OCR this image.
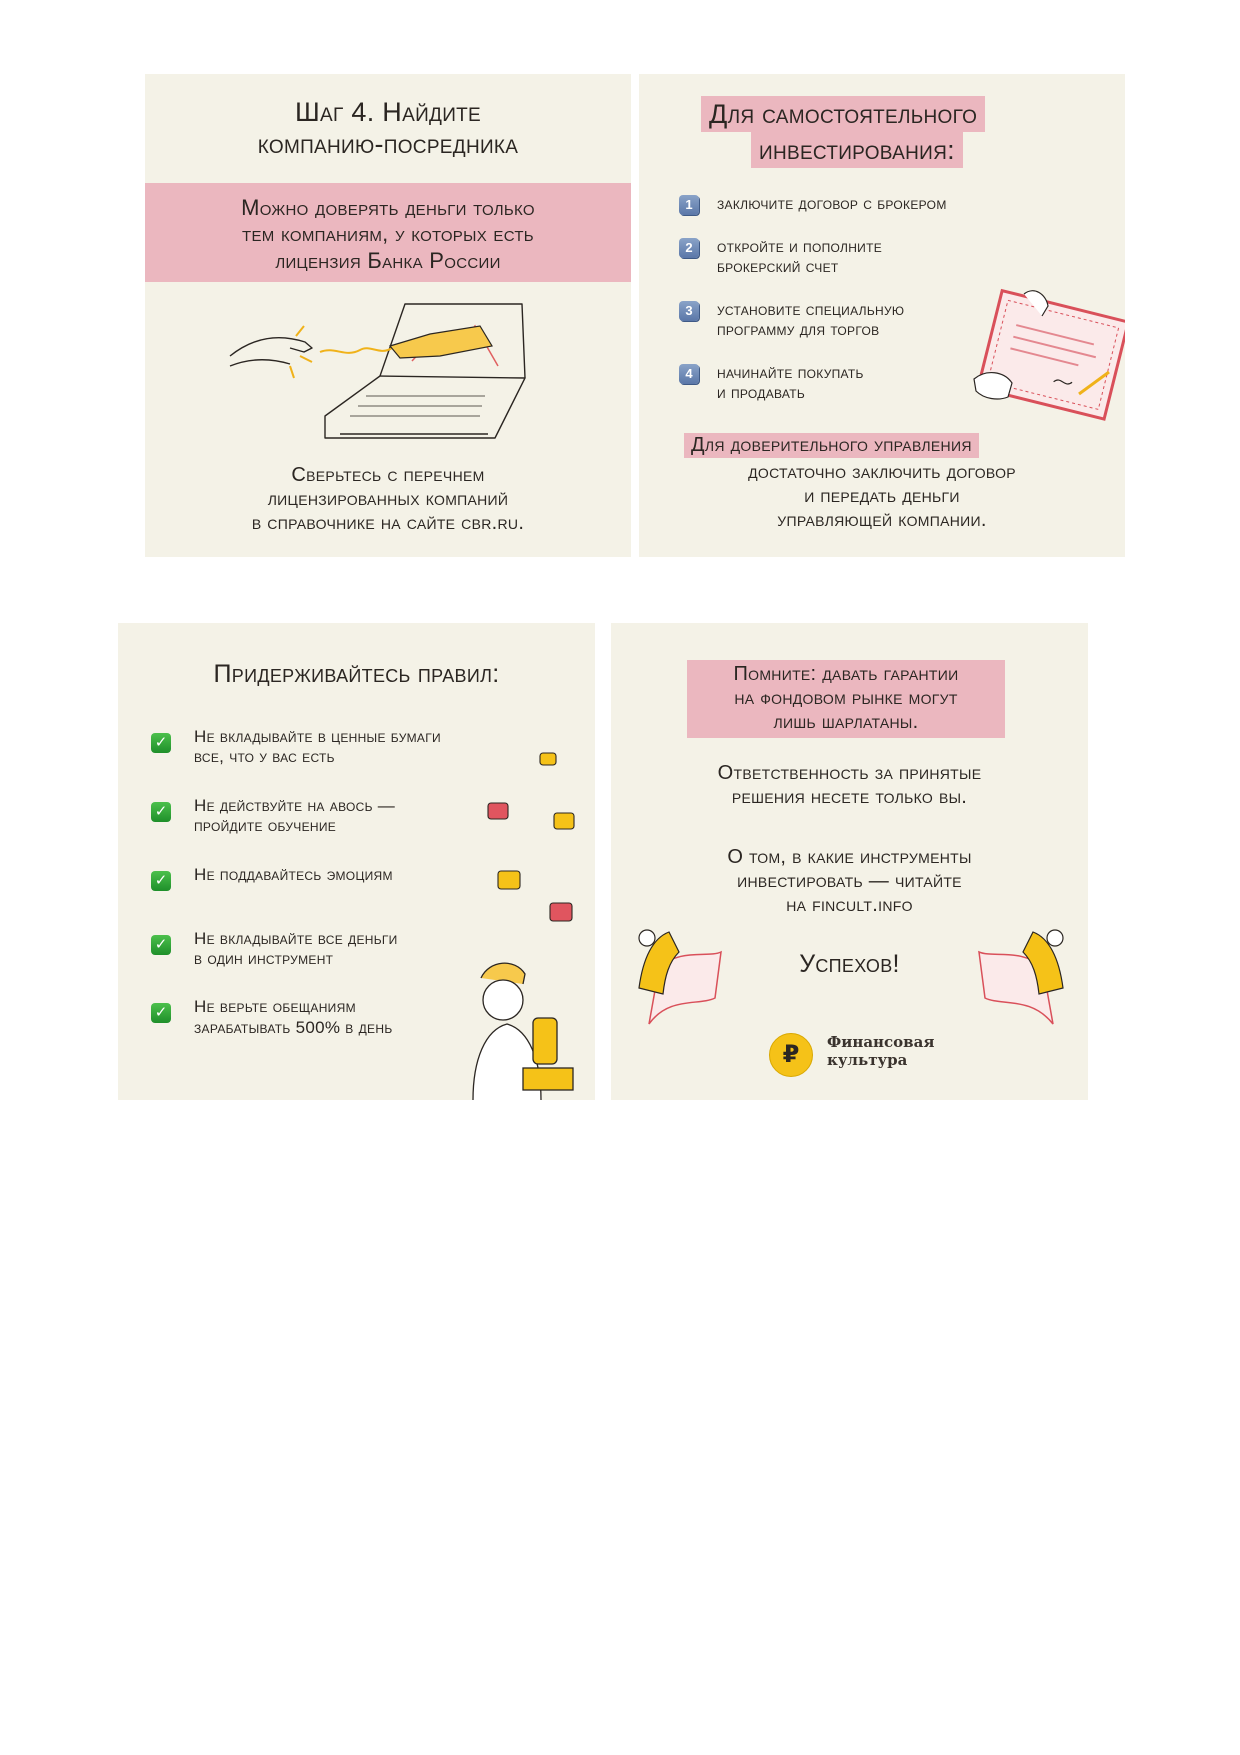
Шаг 4. Найдите
компанию-посредника
Можно доверять деньги только
тем компаниям, у которых есть
лицензия Банка России
Сверьтесь с перечнем
лицензированных компаний
в справочнике на сайте cbr.ru.
Для самостоятельного
инвестирования:
1	заключите договор с брокером
2	откройте и пополните
брокерский счет
3	установите специальную
программу для торгов
4	начинайте покупать
и продавать
Для доверительного управления
достаточно заключить договор
и передать деньги
управляющей компании.
Придерживайтесь правил:
✓ Не вкладывайте в ценные бумаги
все, что у вас есть
✓ Не действуйте на авось —
пройдите обучение
✓ Не поддавайтесь эмоциям
✓ Не вкладывайте все деньги
в один инструмент
✓ Не верьте обещаниям
зарабатывать 500% в день
Помните: давать гарантии
на фондовом рынке могут
лишь шарлатаны.
Ответственность за принятые
решения несете только вы.
О том, в какие инструменты
инвестировать — читайте
на fincult.info
Успехов!
₽	Финансовая
культура
